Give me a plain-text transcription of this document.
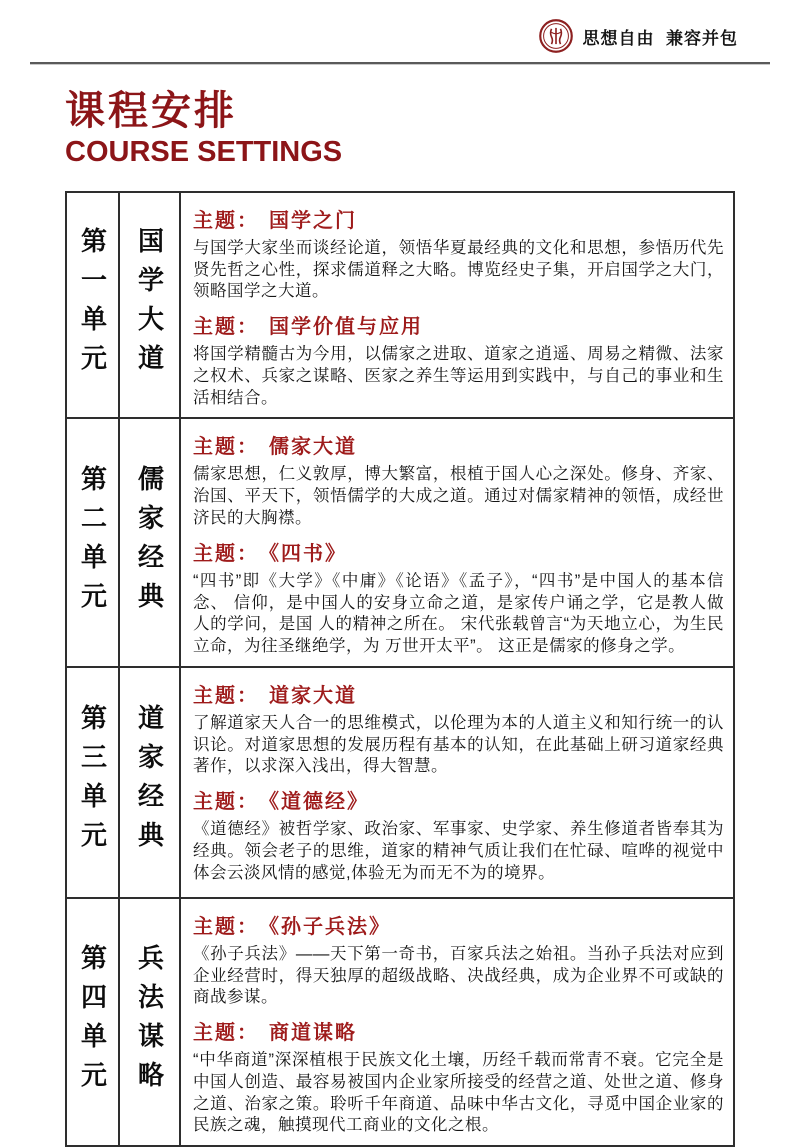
思想自由  兼容并包
课程安排
COURSE SETTINGS
第一单元 国学大道
主题： 国学之门
与国学大家坐而谈经论道，领悟华夏最经典的文化和思想，参悟历代先贤先哲之心性，探求儒道释之大略。博览经史子集，开启国学之大门，领略国学之大道。
主题： 国学价值与应用
将国学精髓古为今用，以儒家之进取、道家之逍遥、周易之精微、法家之权术、兵家之谋略、医家之养生等运用到实践中，与自己的事业和生活相结合。
第二单元 儒家经典
主题： 儒家大道
儒家思想，仁义敦厚，博大繁富，根植于国人心之深处。修身、齐家、治国、平天下，领悟儒学的大成之道。通过对儒家精神的领悟，成经世济民的大胸襟。
主题： 《四书》
“四书”即《大学》《中庸》《论语》《孟子》，“四书”是中国人的基本信念、 信仰，是中国人的安身立命之道，是家传户诵之学，它是教人做人的学问，是国 人的精神之所在。 宋代张载曾言“为天地立心，为生民立命，为往圣继绝学，为 万世开太平”。 这正是儒家的修身之学。
第三单元 道家经典
主题： 道家大道
了解道家天人合一的思维模式，以伦理为本的人道主义和知行统一的认识论。对道家思想的发展历程有基本的认知，在此基础上研习道家经典著作，以求深入浅出，得大智慧。
主题： 《道德经》
《道德经》被哲学家、政治家、军事家、史学家、养生修道者皆奉其为经典。领会老子的思维，道家的精神气质让我们在忙碌、喧哗的视觉中体会云淡风情的感觉,体验无为而无不为的境界。
第四单元 兵法谋略
主题： 《孙子兵法》
《孙子兵法》——天下第一奇书，百家兵法之始祖。当孙子兵法对应到企业经营时，得天独厚的超级战略、决战经典，成为企业界不可或缺的商战参谋。
主题： 商道谋略
“中华商道”深深植根于民族文化土壤，历经千载而常青不衰。它完全是中国人创造、最容易被国内企业家所接受的经营之道、处世之道、修身之道、治家之策。聆听千年商道、品味中华古文化，寻觅中国企业家的民族之魂，触摸现代工商业的文化之根。
